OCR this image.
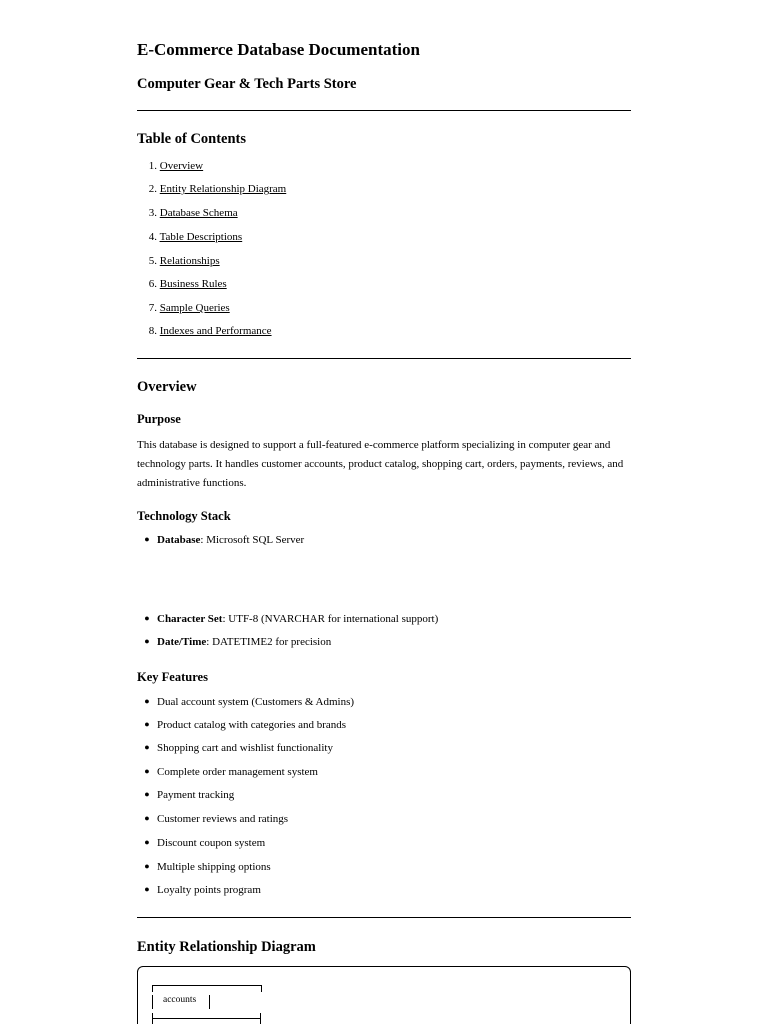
E-Commerce Database Documentation
Computer Gear & Tech Parts Store
Table of Contents
1. Overview
2. Entity Relationship Diagram
3. Database Schema
4. Table Descriptions
5. Relationships
6. Business Rules
7. Sample Queries
8. Indexes and Performance
Overview
Purpose

This database is designed to support a full-featured e-commerce platform specializing in computer gear and technology parts. It handles customer accounts, product catalog, shopping cart, orders, payments, reviews, and administrative functions.

Technology Stack
● Database: Microsoft SQL Server
● Character Set: UTF-8 (NVARCHAR for international support)
● Date/Time: DATETIME2 for precision
Key Features
● Dual account system (Customers & Admins)
● Product catalog with categories and brands
● Shopping cart and wishlist functionality
● Complete order management system
● Payment tracking
● Customer reviews and ratings
● Discount coupon system
● Multiple shipping options
● Loyalty points program
Entity Relationship Diagram
accounts
